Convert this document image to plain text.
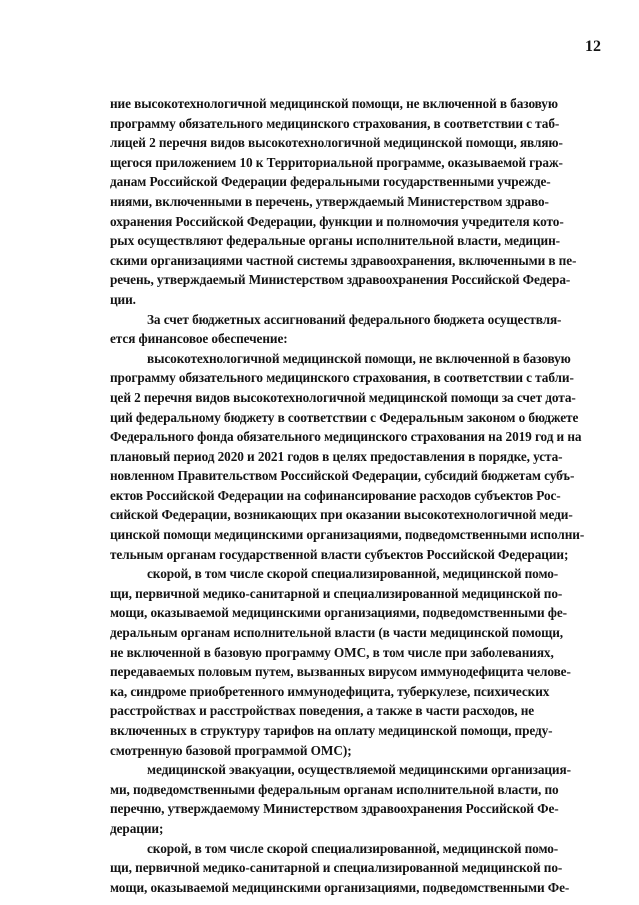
12
ние высокотехнологичной медицинской помощи, не включенной в базовую
программу обязательного медицинского страхования, в соответствии с таб-
лицей 2 перечня видов высокотехнологичной медицинской помощи, являю-
щегося приложением 10 к Территориальной программе, оказываемой граж-
данам Российской Федерации федеральными государственными учрежде-
ниями, включенными в перечень, утверждаемый Министерством здраво-
охранения Российской Федерации, функции и полномочия учредителя кото-
рых осуществляют федеральные органы исполнительной власти, медицин-
скими организациями частной системы здравоохранения, включенными в пе-
речень, утверждаемый Министерством здравоохранения Российской Федера-
ции.
За счет бюджетных ассигнований федерального бюджета осуществля-
ется финансовое обеспечение:
высокотехнологичной медицинской помощи, не включенной в базовую
программу обязательного медицинского страхования, в соответствии с табли-
цей 2 перечня видов высокотехнологичной медицинской помощи за счет дота-
ций федеральному бюджету в соответствии с Федеральным законом о бюджете
Федерального фонда обязательного медицинского страхования на 2019 год и на
плановый период 2020 и 2021 годов в целях предоставления в порядке, уста-
новленном Правительством Российской Федерации, субсидий бюджетам субъ-
ектов Российской Федерации на софинансирование расходов субъектов Рос-
сийской Федерации, возникающих при оказании высокотехнологичной меди-
цинской помощи медицинскими организациями, подведомственными исполни-
тельным органам государственной власти субъектов Российской Федерации;
скорой, в том числе скорой специализированной, медицинской помо-
щи, первичной медико-санитарной и специализированной медицинской по-
мощи, оказываемой медицинскими организациями, подведомственными фе-
деральным органам исполнительной власти (в части медицинской помощи,
не включенной в базовую программу ОМС, в том числе при заболеваниях,
передаваемых половым путем, вызванных вирусом иммунодефицита челове-
ка, синдроме приобретенного иммунодефицита, туберкулезе, психических
расстройствах и расстройствах поведения, а также в части расходов, не
включенных в структуру тарифов на оплату медицинской помощи, преду-
смотренную базовой программой ОМС);
медицинской эвакуации, осуществляемой медицинскими организация-
ми, подведомственными федеральным органам исполнительной власти, по
перечню, утверждаемому Министерством здравоохранения Российской Фе-
дерации;
скорой, в том числе скорой специализированной, медицинской помо-
щи, первичной медико-санитарной и специализированной медицинской по-
мощи, оказываемой медицинскими организациями, подведомственными Фе-
